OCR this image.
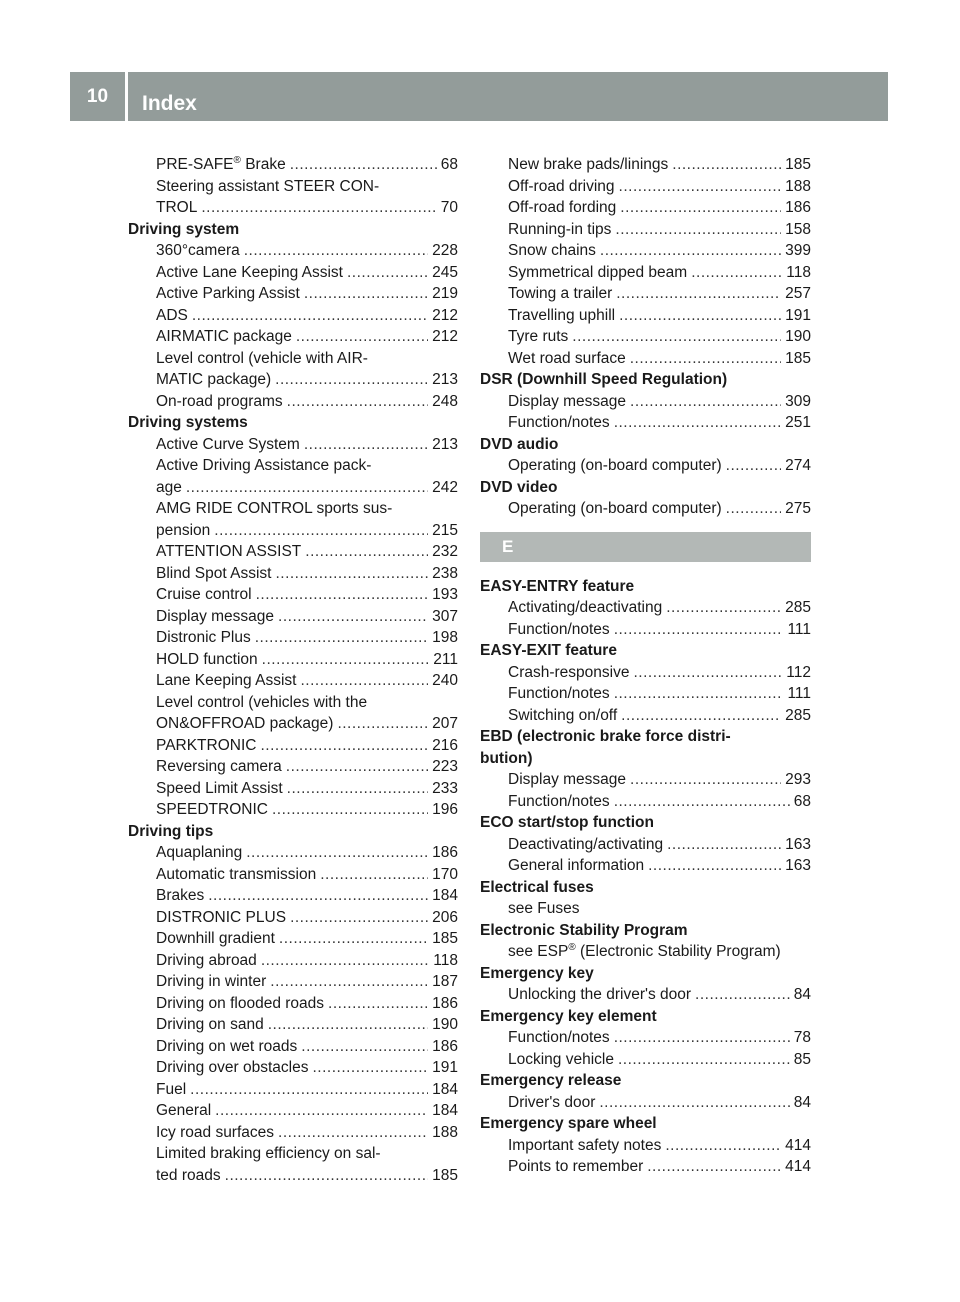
10	Index
PRE-SAFE® Brake .....	68
Steering assistant STEER CON-
TROL .....	70
Driving system
360°camera .....	228
Active Lane Keeping Assist .....	245
Active Parking Assist .....	219
ADS .....	212
AIRMATIC package .....	212
Level control (vehicle with AIR-
MATIC package) .....	213
On-road programs .....	248
Driving systems
Active Curve System .....	213
Active Driving Assistance pack-
age .....	242
AMG RIDE CONTROL sports sus-
pension .....	215
ATTENTION ASSIST .....	232
Blind Spot Assist .....	238
Cruise control .....	193
Display message .....	307
Distronic Plus .....	198
HOLD function .....	211
Lane Keeping Assist .....	240
Level control (vehicles with the
ON&OFFROAD package) .....	207
PARKTRONIC .....	216
Reversing camera .....	223
Speed Limit Assist .....	233
SPEEDTRONIC .....	196
Driving tips
Aquaplaning .....	186
Automatic transmission .....	170
Brakes .....	184
DISTRONIC PLUS .....	206
Downhill gradient .....	185
Driving abroad .....	118
Driving in winter .....	187
Driving on flooded roads .....	186
Driving on sand .....	190
Driving on wet roads .....	186
Driving over obstacles .....	191
Fuel .....	184
General .....	184
Icy road surfaces .....	188
Limited braking efficiency on sal-
ted roads .....	185
New brake pads/linings .....	185
Off-road driving .....	188
Off-road fording .....	186
Running-in tips .....	158
Snow chains .....	399
Symmetrical dipped beam .....	118
Towing a trailer .....	257
Travelling uphill .....	191
Tyre ruts .....	190
Wet road surface .....	185
DSR (Downhill Speed Regulation)
Display message .....	309
Function/notes .....	251
DVD audio
Operating (on-board computer) .....	274
DVD video
Operating (on-board computer) .....	275
E
EASY-ENTRY feature
Activating/deactivating .....	285
Function/notes .....	111
EASY-EXIT feature
Crash-responsive .....	112
Function/notes .....	111
Switching on/off .....	285
EBD (electronic brake force distri-
bution)
Display message .....	293
Function/notes .....	68
ECO start/stop function
Deactivating/activating .....	163
General information .....	163
Electrical fuses
see Fuses
Electronic Stability Program
see ESP® (Electronic Stability Program)
Emergency key
Unlocking the driver's door .....	84
Emergency key element
Function/notes .....	78
Locking vehicle .....	85
Emergency release
Driver's door .....	84
Emergency spare wheel
Important safety notes .....	414
Points to remember .....	414
